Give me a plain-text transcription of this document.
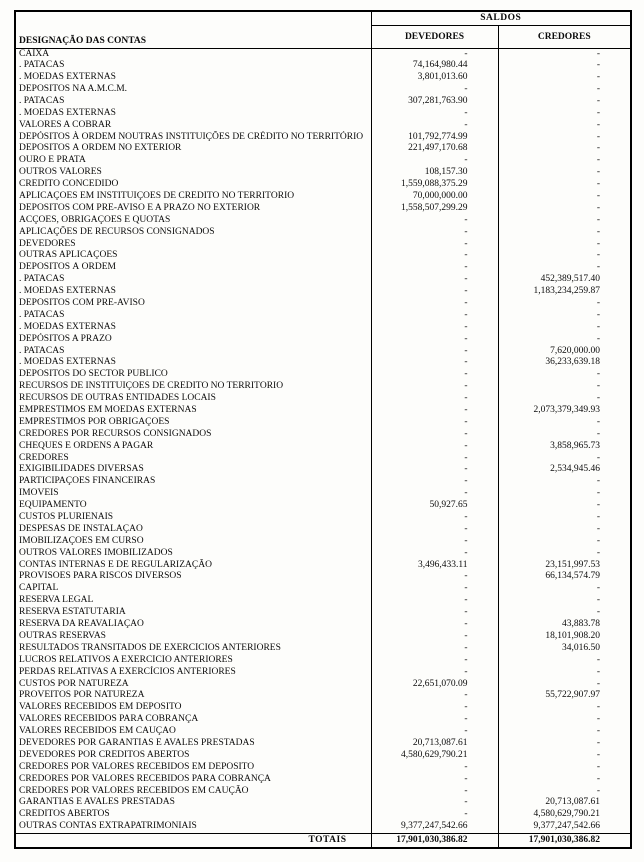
	SALDOS	
DESIGNAÇÃO DAS CONTAS	DEVEDORES	CREDORES
CAIXA	-	-
. PATACAS	74,164,980.44	-
. MOEDAS EXTERNAS	3,801,013.60	-
DEPÓSITOS NA A.M.C.M.	-	-
. PATACAS	307,281,763.90	-
. MOEDAS EXTERNAS	-	-
VALORES A COBRAR	-	-
DEPÓSITOS À ORDEM NOUTRAS INSTITUIÇÕES DE CRÉDITO NO TERRITÓRIO	101,792,774.99	-
DEPÓSITOS À ORDEM NO EXTERIOR	221,497,170.68	-
OURO E PRATA	-	-
OUTROS VALORES	108,157.30	-
CRÉDITO CONCEDIDO	1,559,088,375.29	-
APLICAÇÕES EM INSTITUIÇÕES DE CRÉDITO NO TERRITÓRIO	70,000,000.00	-
DEPÓSITOS COM PRÉ-AVISO E A PRAZO NO EXTERIOR	1,558,507,299.29	-
ACÇÕES, OBRIGAÇÕES E QUOTAS	-	-
APLICAÇÕES DE RECURSOS CONSIGNADOS	-	-
DEVEDORES	-	-
OUTRAS APLICAÇÕES	-	-
DEPÓSITOS À ORDEM	-	-
. PATACAS	-	452,389,517.40
. MOEDAS EXTERNAS	-	1,183,234,259.87
DEPÓSITOS COM PRÉ-AVISO	-	-
. PATACAS	-	-
. MOEDAS EXTERNAS	-	-
DEPÓSITOS A PRAZO	-	-
. PATACAS	-	7,620,000.00
. MOEDAS EXTERNAS	-	36,233,639.18
DEPÓSITOS DO SECTOR PÚBLICO	-	-
RECURSOS DE INSTITUIÇÕES DE CRÉDITO NO TERRITÓRIO	-	-
RECURSOS DE OUTRAS ENTIDADES LOCAIS	-	-
EMPRÉSTIMOS EM MOEDAS EXTERNAS	-	2,073,379,349.93
EMPRÉSTIMOS POR OBRIGAÇÕES	-	-
CREDORES POR RECURSOS CONSIGNADOS	-	-
CHEQUES E ORDENS A PAGAR	-	3,858,965.73
CREDORES	-	-
EXIGIBILIDADES DIVERSAS	-	2,534,945.46
PARTICIPAÇÕES FINANCEIRAS	-	-
IMÓVEIS	-	-
EQUIPAMENTO	50,927.65	-
CUSTOS PLURIENAIS	-	-
DESPESAS DE INSTALAÇÃO	-	-
IMOBILIZAÇÕES EM CURSO	-	-
OUTROS VALORES IMOBILIZADOS	-	-
CONTAS INTERNAS E DE REGULARIZAÇÃO	3,496,433.11	23,151,997.53
PROVISÕES PARA RISCOS DIVERSOS	-	66,134,574.79
CAPITAL	-	-
RESERVA LEGAL	-	-
RESERVA ESTATUTÁRIA	-	-
RESERVA DA REAVALIAÇÃO	-	43,883.78
OUTRAS RESERVAS	-	18,101,908.20
RESULTADOS TRANSITADOS DE EXERCÍCIOS ANTERIORES	-	34,016.50
LUCROS RELATIVOS A EXERCÍCIO ANTERIORES	-	-
PERDAS RELATIVAS A EXERCÍCIOS ANTERIORES	-	-
CUSTOS POR NATUREZA	22,651,070.09	-
PROVEITOS POR NATUREZA	-	55,722,907.97
VALORES RECEBIDOS EM DEPÓSITO	-	-
VALORES RECEBIDOS PARA COBRANÇA	-	-
VALORES RECEBIDOS EM CAUÇÃO	-	-
DEVEDORES POR GARANTIAS E AVALES PRESTADAS	20,713,087.61	-
DEVEDORES POR CRÉDITOS ABERTOS	4,580,629,790.21	-
CREDORES POR VALORES RECEBIDOS EM DEPÓSITO	-	-
CREDORES POR VALORES RECEBIDOS PARA COBRANÇA	-	-
CREDORES POR VALORES RECEBIDOS EM CAUÇÃO	-	-
GARANTIAS E AVALES PRESTADAS	-	20,713,087.61
CRÉDITOS ABERTOS	-	4,580,629,790.21
OUTRAS CONTAS EXTRAPATRIMONIAIS	9,377,247,542.66	9,377,247,542.66
TOTAIS	17,901,030,386.82	17,901,030,386.82
